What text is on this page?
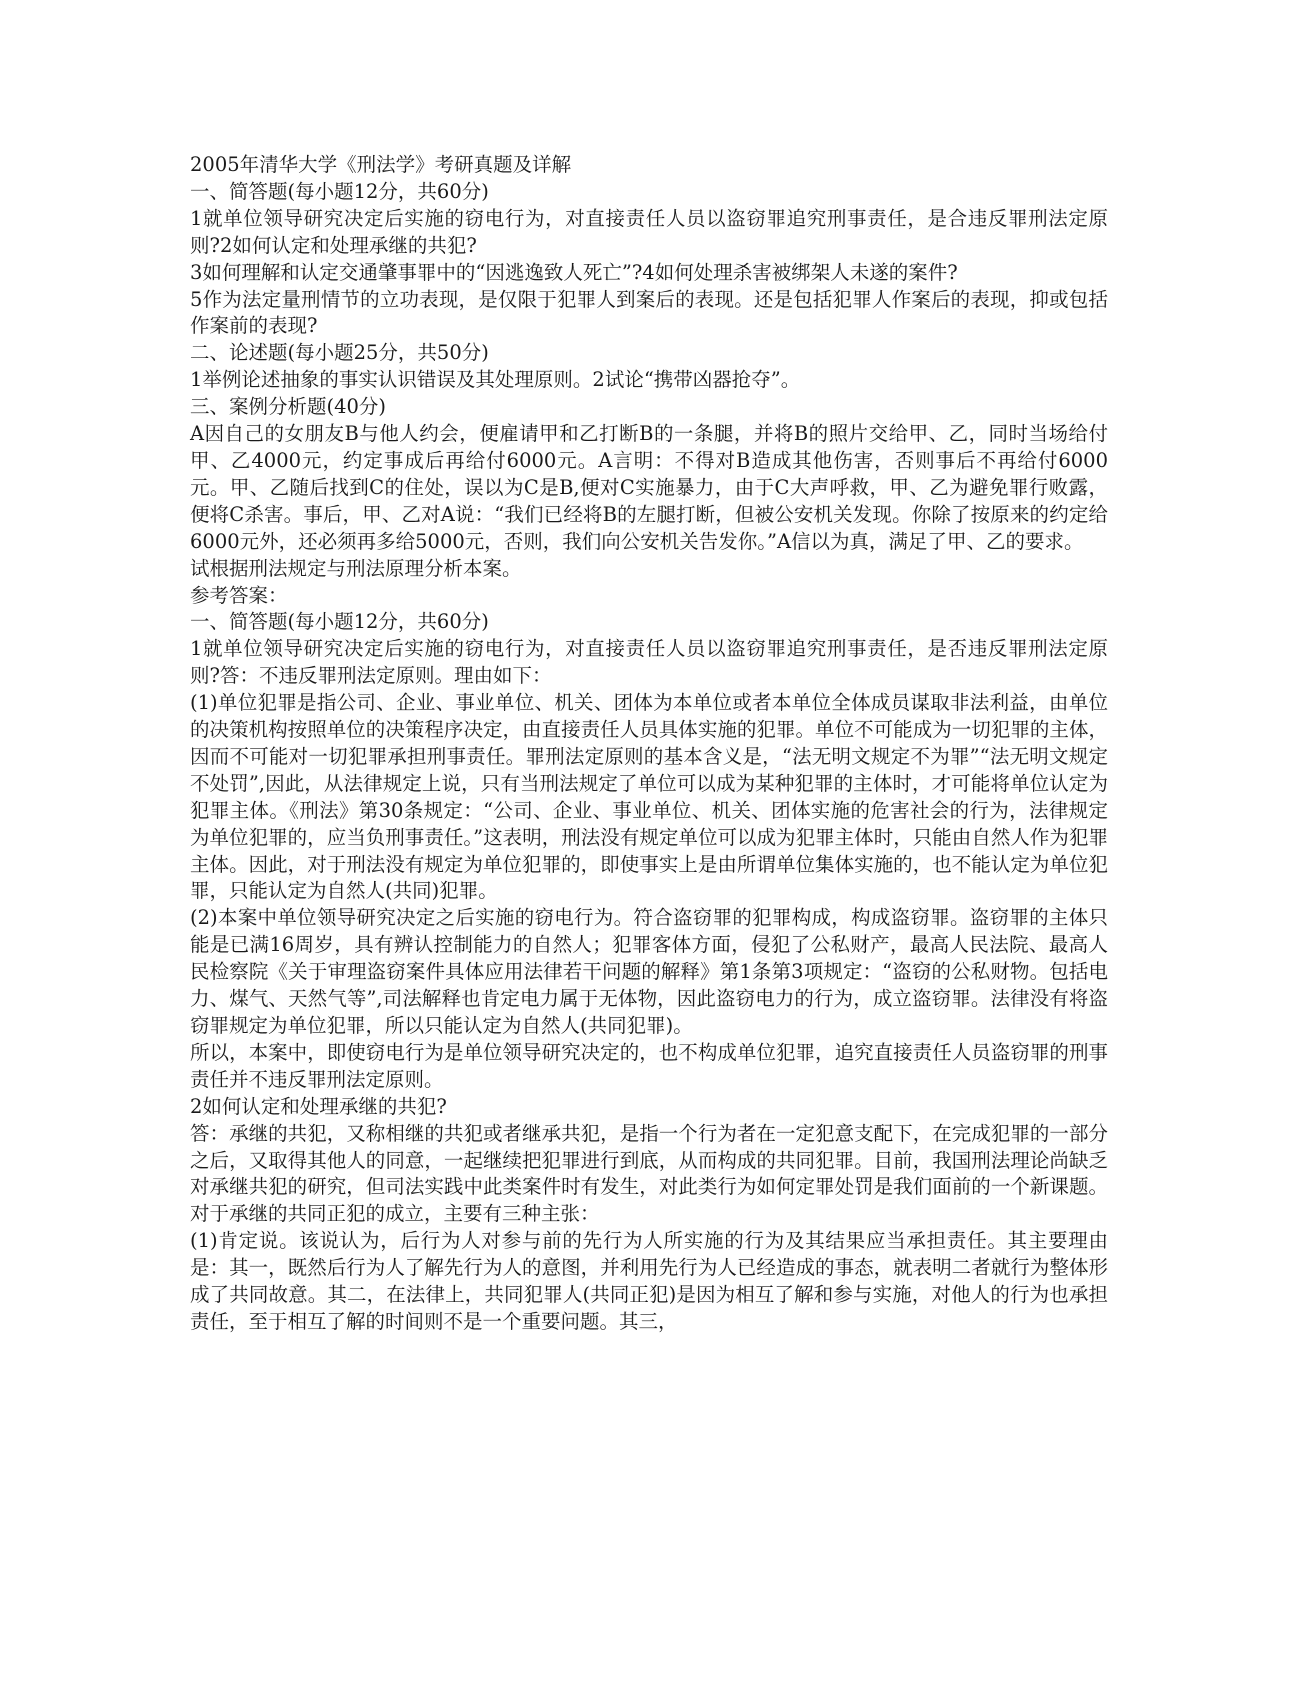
2005年清华大学《刑法学》考研真题及详解

一、简答题(每小题12分，共60分)

1就单位领导研究决定后实施的窃电行为，对直接责任人员以盗窃罪追究刑事责任，是合违反罪刑法定原则?2如何认定和处理承继的共犯?

3如何理解和认定交通肇事罪中的“因逃逸致人死亡”?4如何处理杀害被绑架人未遂的案件?

5作为法定量刑情节的立功表现，是仅限于犯罪人到案后的表现。还是包括犯罪人作案后的表现，抑或包括作案前的表现?

二、论述题(每小题25分，共50分)

1举例论述抽象的事实认识错误及其处理原则。2试论“携带凶器抢夺”。

三、案例分析题(40分)

A因自己的女朋友B与他人约会，便雇请甲和乙打断B的一条腿，并将B的照片交给甲、乙，同时当场给付甲、乙4000元，约定事成后再给付6000元。A言明：不得对B造成其他伤害，否则事后不再给付6000元。甲、乙随后找到C的住处，误以为C是B,便对C实施暴力，由于C大声呼救，甲、乙为避免罪行败露，便将C杀害。事后，甲、乙对A说：“我们已经将B的左腿打断，但被公安机关发现。你除了按原来的约定给6000元外，还必须再多给5000元，否则，我们向公安机关告发你。”A信以为真，满足了甲、乙的要求。

试根据刑法规定与刑法原理分析本案。

参考答案：

一、简答题(每小题12分，共60分)

1就单位领导研究决定后实施的窃电行为，对直接责任人员以盗窃罪追究刑事责任，是否违反罪刑法定原则?答：不违反罪刑法定原则。理由如下：

(1)单位犯罪是指公司、企业、事业单位、机关、团体为本单位或者本单位全体成员谋取非法利益，由单位的决策机构按照单位的决策程序决定，由直接责任人员具体实施的犯罪。单位不可能成为一切犯罪的主体，因而不可能对一切犯罪承担刑事责任。罪刑法定原则的基本含义是，“法无明文规定不为罪”“法无明文规定不处罚”,因此，从法律规定上说，只有当刑法规定了单位可以成为某种犯罪的主体时，才可能将单位认定为犯罪主体。《刑法》第30条规定：“公司、企业、事业单位、机关、团体实施的危害社会的行为，法律规定为单位犯罪的，应当负刑事责任。”这表明，刑法没有规定单位可以成为犯罪主体时，只能由自然人作为犯罪主体。因此，对于刑法没有规定为单位犯罪的，即使事实上是由所谓单位集体实施的，也不能认定为单位犯罪，只能认定为自然人(共同)犯罪。

(2)本案中单位领导研究决定之后实施的窃电行为。符合盗窃罪的犯罪构成，构成盗窃罪。盗窃罪的主体只能是已满16周岁，具有辨认控制能力的自然人；犯罪客体方面，侵犯了公私财产，最高人民法院、最高人民检察院《关于审理盗窃案件具体应用法律若干问题的解释》第1条第3项规定：“盗窃的公私财物。包括电力、煤气、天然气等”,司法解释也肯定电力属于无体物，因此盗窃电力的行为，成立盗窃罪。法律没有将盗窃罪规定为单位犯罪，所以只能认定为自然人(共同犯罪)。

所以，本案中，即使窃电行为是单位领导研究决定的，也不构成单位犯罪，追究直接责任人员盗窃罪的刑事责任并不违反罪刑法定原则。

2如何认定和处理承继的共犯?

答：承继的共犯，又称相继的共犯或者继承共犯，是指一个行为者在一定犯意支配下，在完成犯罪的一部分之后，又取得其他人的同意，一起继续把犯罪进行到底，从而构成的共同犯罪。目前，我国刑法理论尚缺乏对承继共犯的研究，但司法实践中此类案件时有发生，对此类行为如何定罪处罚是我们面前的一个新课题。对于承继的共同正犯的成立，主要有三种主张：

(1)肯定说。该说认为，后行为人对参与前的先行为人所实施的行为及其结果应当承担责任。其主要理由是：其一，既然后行为人了解先行为人的意图，并利用先行为人已经造成的事态，就表明二者就行为整体形成了共同故意。其二，在法律上，共同犯罪人(共同正犯)是因为相互了解和参与实施，对他人的行为也承担责任，至于相互了解的时间则不是一个重要问题。其三，
